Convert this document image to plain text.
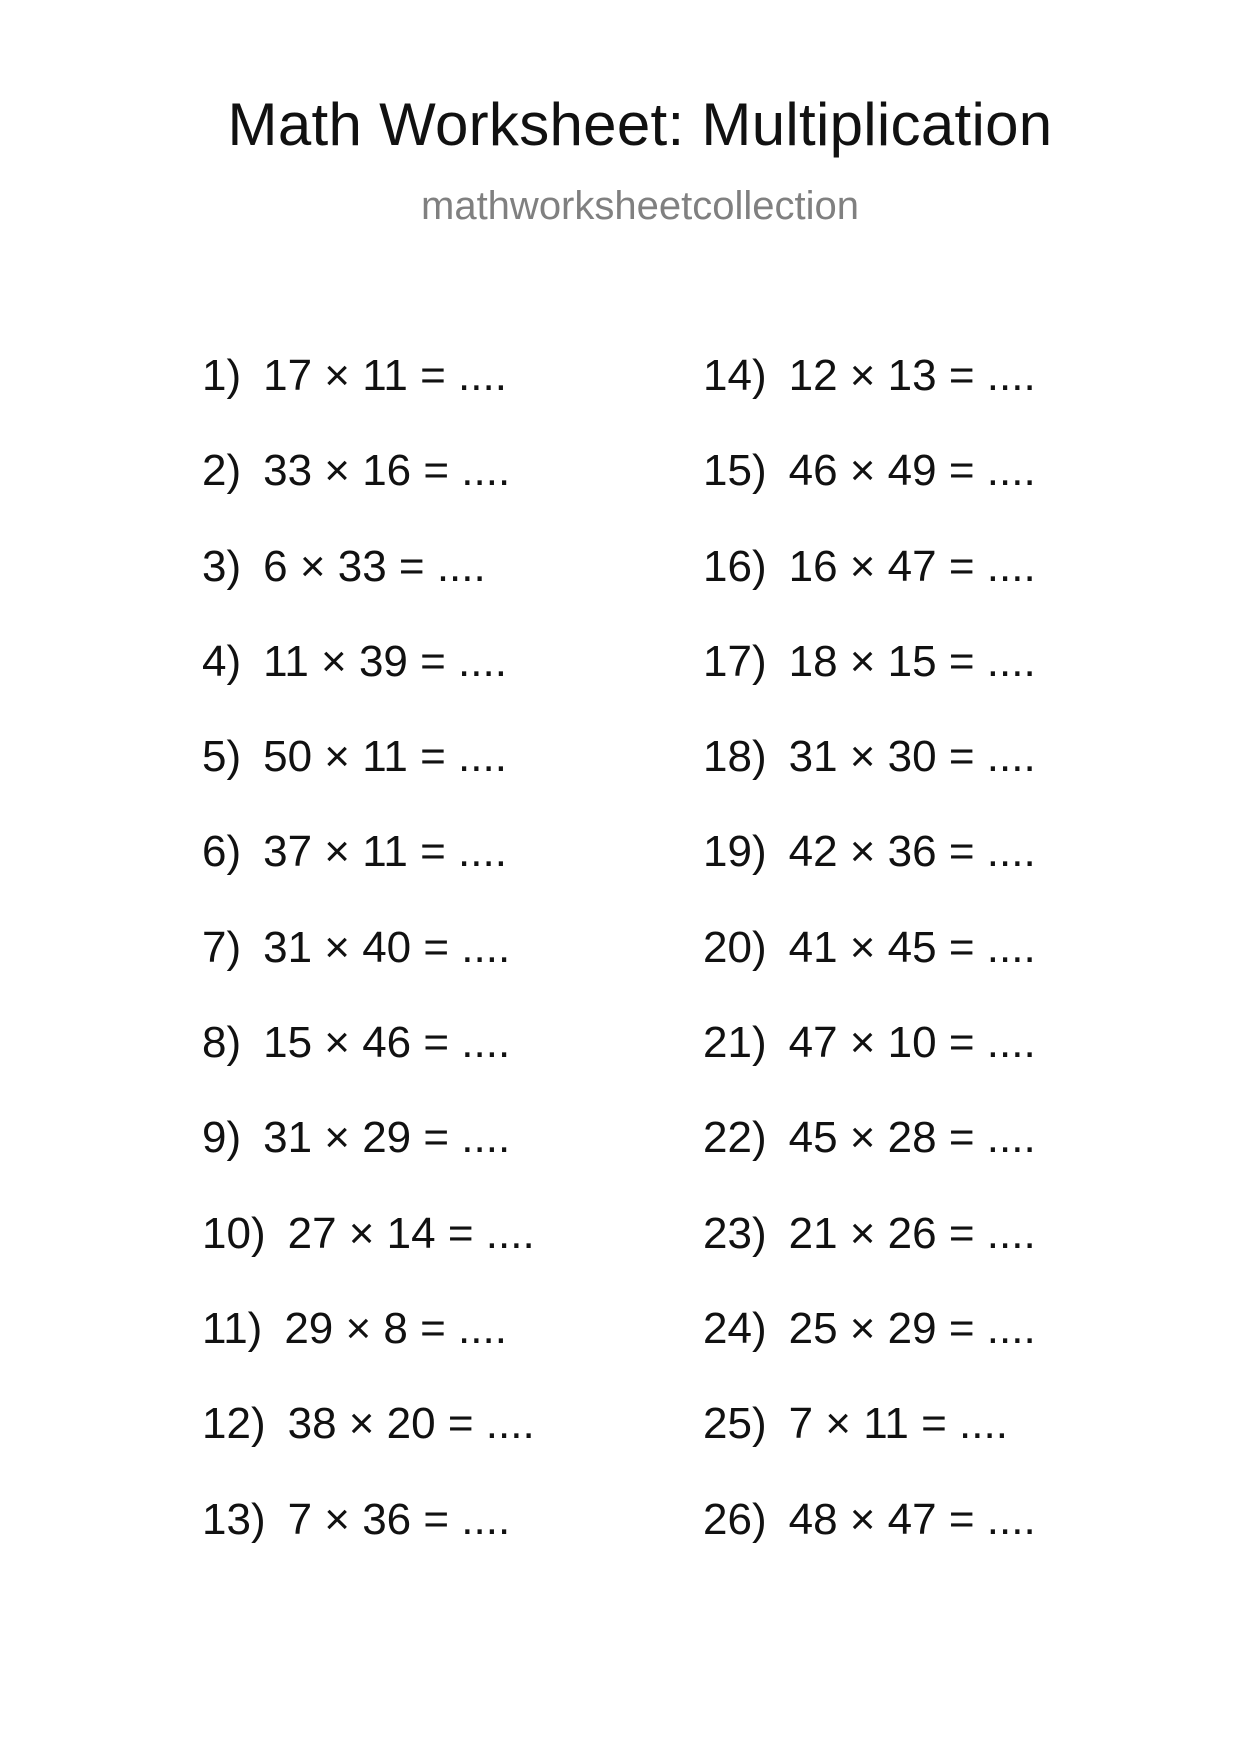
Math Worksheet: Multiplication
mathworksheetcollection
1) 17 × 11 = ....
2) 33 × 16 = ....
3) 6 × 33 = ....
4) 11 × 39 = ....
5) 50 × 11 = ....
6) 37 × 11 = ....
7) 31 × 40 = ....
8) 15 × 46 = ....
9) 31 × 29 = ....
10) 27 × 14 = ....
11) 29 × 8 = ....
12) 38 × 20 = ....
13) 7 × 36 = ....
14) 12 × 13 = ....
15) 46 × 49 = ....
16) 16 × 47 = ....
17) 18 × 15 = ....
18) 31 × 30 = ....
19) 42 × 36 = ....
20) 41 × 45 = ....
21) 47 × 10 = ....
22) 45 × 28 = ....
23) 21 × 26 = ....
24) 25 × 29 = ....
25) 7 × 11 = ....
26) 48 × 47 = ....
